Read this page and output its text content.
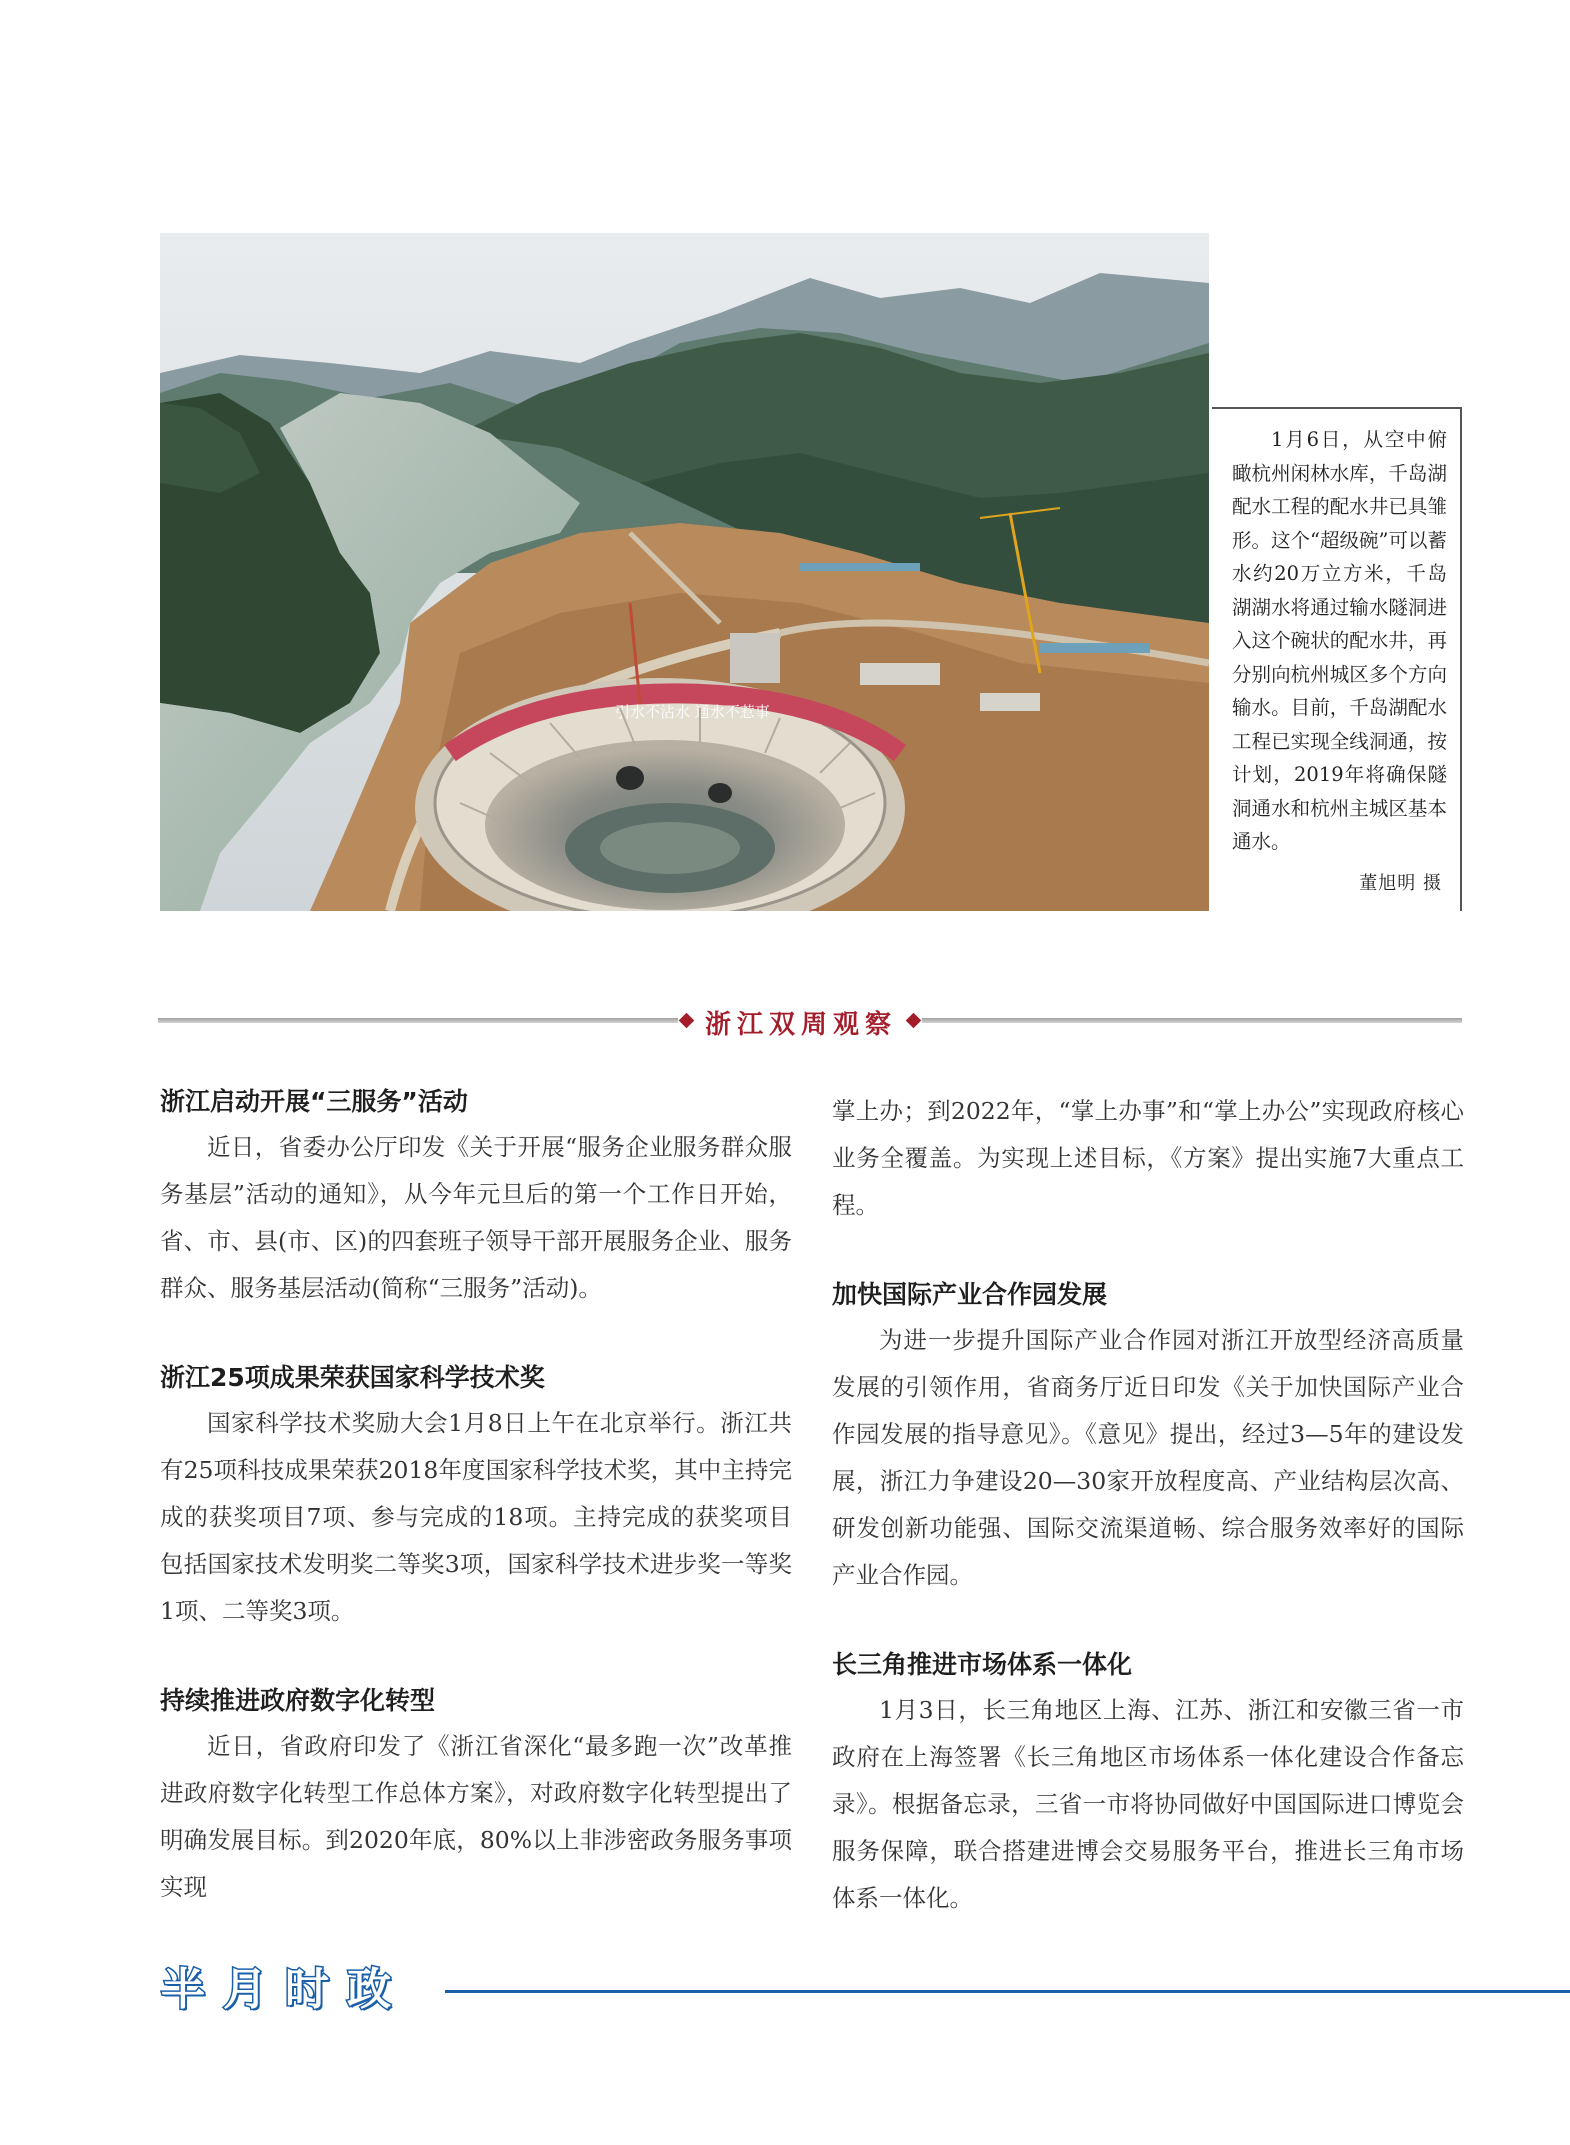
引水不沾水 通水不惹事
1月6日，从空中俯瞰杭州闲林水库，千岛湖配水工程的配水井已具雏形。这个“超级碗”可以蓄水约20万立方米，千岛湖湖水将通过输水隧洞进入这个碗状的配水井，再分别向杭州城区多个方向输水。目前，千岛湖配水工程已实现全线洞通，按计划，2019年将确保隧洞通水和杭州主城区基本通水。
董旭明 摄
浙江双周观察
浙江启动开展“三服务”活动

近日，省委办公厅印发《关于开展“服务企业服务群众服务基层”活动的通知》，从今年元旦后的第一个工作日开始，省、市、县(市、区)的四套班子领导干部开展服务企业、服务群众、服务基层活动(简称“三服务”活动)。

浙江25项成果荣获国家科学技术奖

国家科学技术奖励大会1月8日上午在北京举行。浙江共有25项科技成果荣获2018年度国家科学技术奖，其中主持完成的获奖项目7项、参与完成的18项。主持完成的获奖项目包括国家技术发明奖二等奖3项，国家科学技术进步奖一等奖1项、二等奖3项。

持续推进政府数字化转型

近日，省政府印发了《浙江省深化“最多跑一次”改革推进政府数字化转型工作总体方案》，对政府数字化转型提出了明确发展目标。到2020年底，80%以上非涉密政务服务事项实现

掌上办；到2022年，“掌上办事”和“掌上办公”实现政府核心业务全覆盖。为实现上述目标，《方案》提出实施7大重点工程。

加快国际产业合作园发展

为进一步提升国际产业合作园对浙江开放型经济高质量发展的引领作用，省商务厅近日印发《关于加快国际产业合作园发展的指导意见》。《意见》提出，经过3—5年的建设发展，浙江力争建设20—30家开放程度高、产业结构层次高、研发创新功能强、国际交流渠道畅、综合服务效率好的国际产业合作园。

长三角推进市场体系一体化

1月3日，长三角地区上海、江苏、浙江和安徽三省一市政府在上海签署《长三角地区市场体系一体化建设合作备忘录》。根据备忘录，三省一市将协同做好中国国际进口博览会服务保障，联合搭建进博会交易服务平台，推进长三角市场体系一体化。

半 月 时 政
